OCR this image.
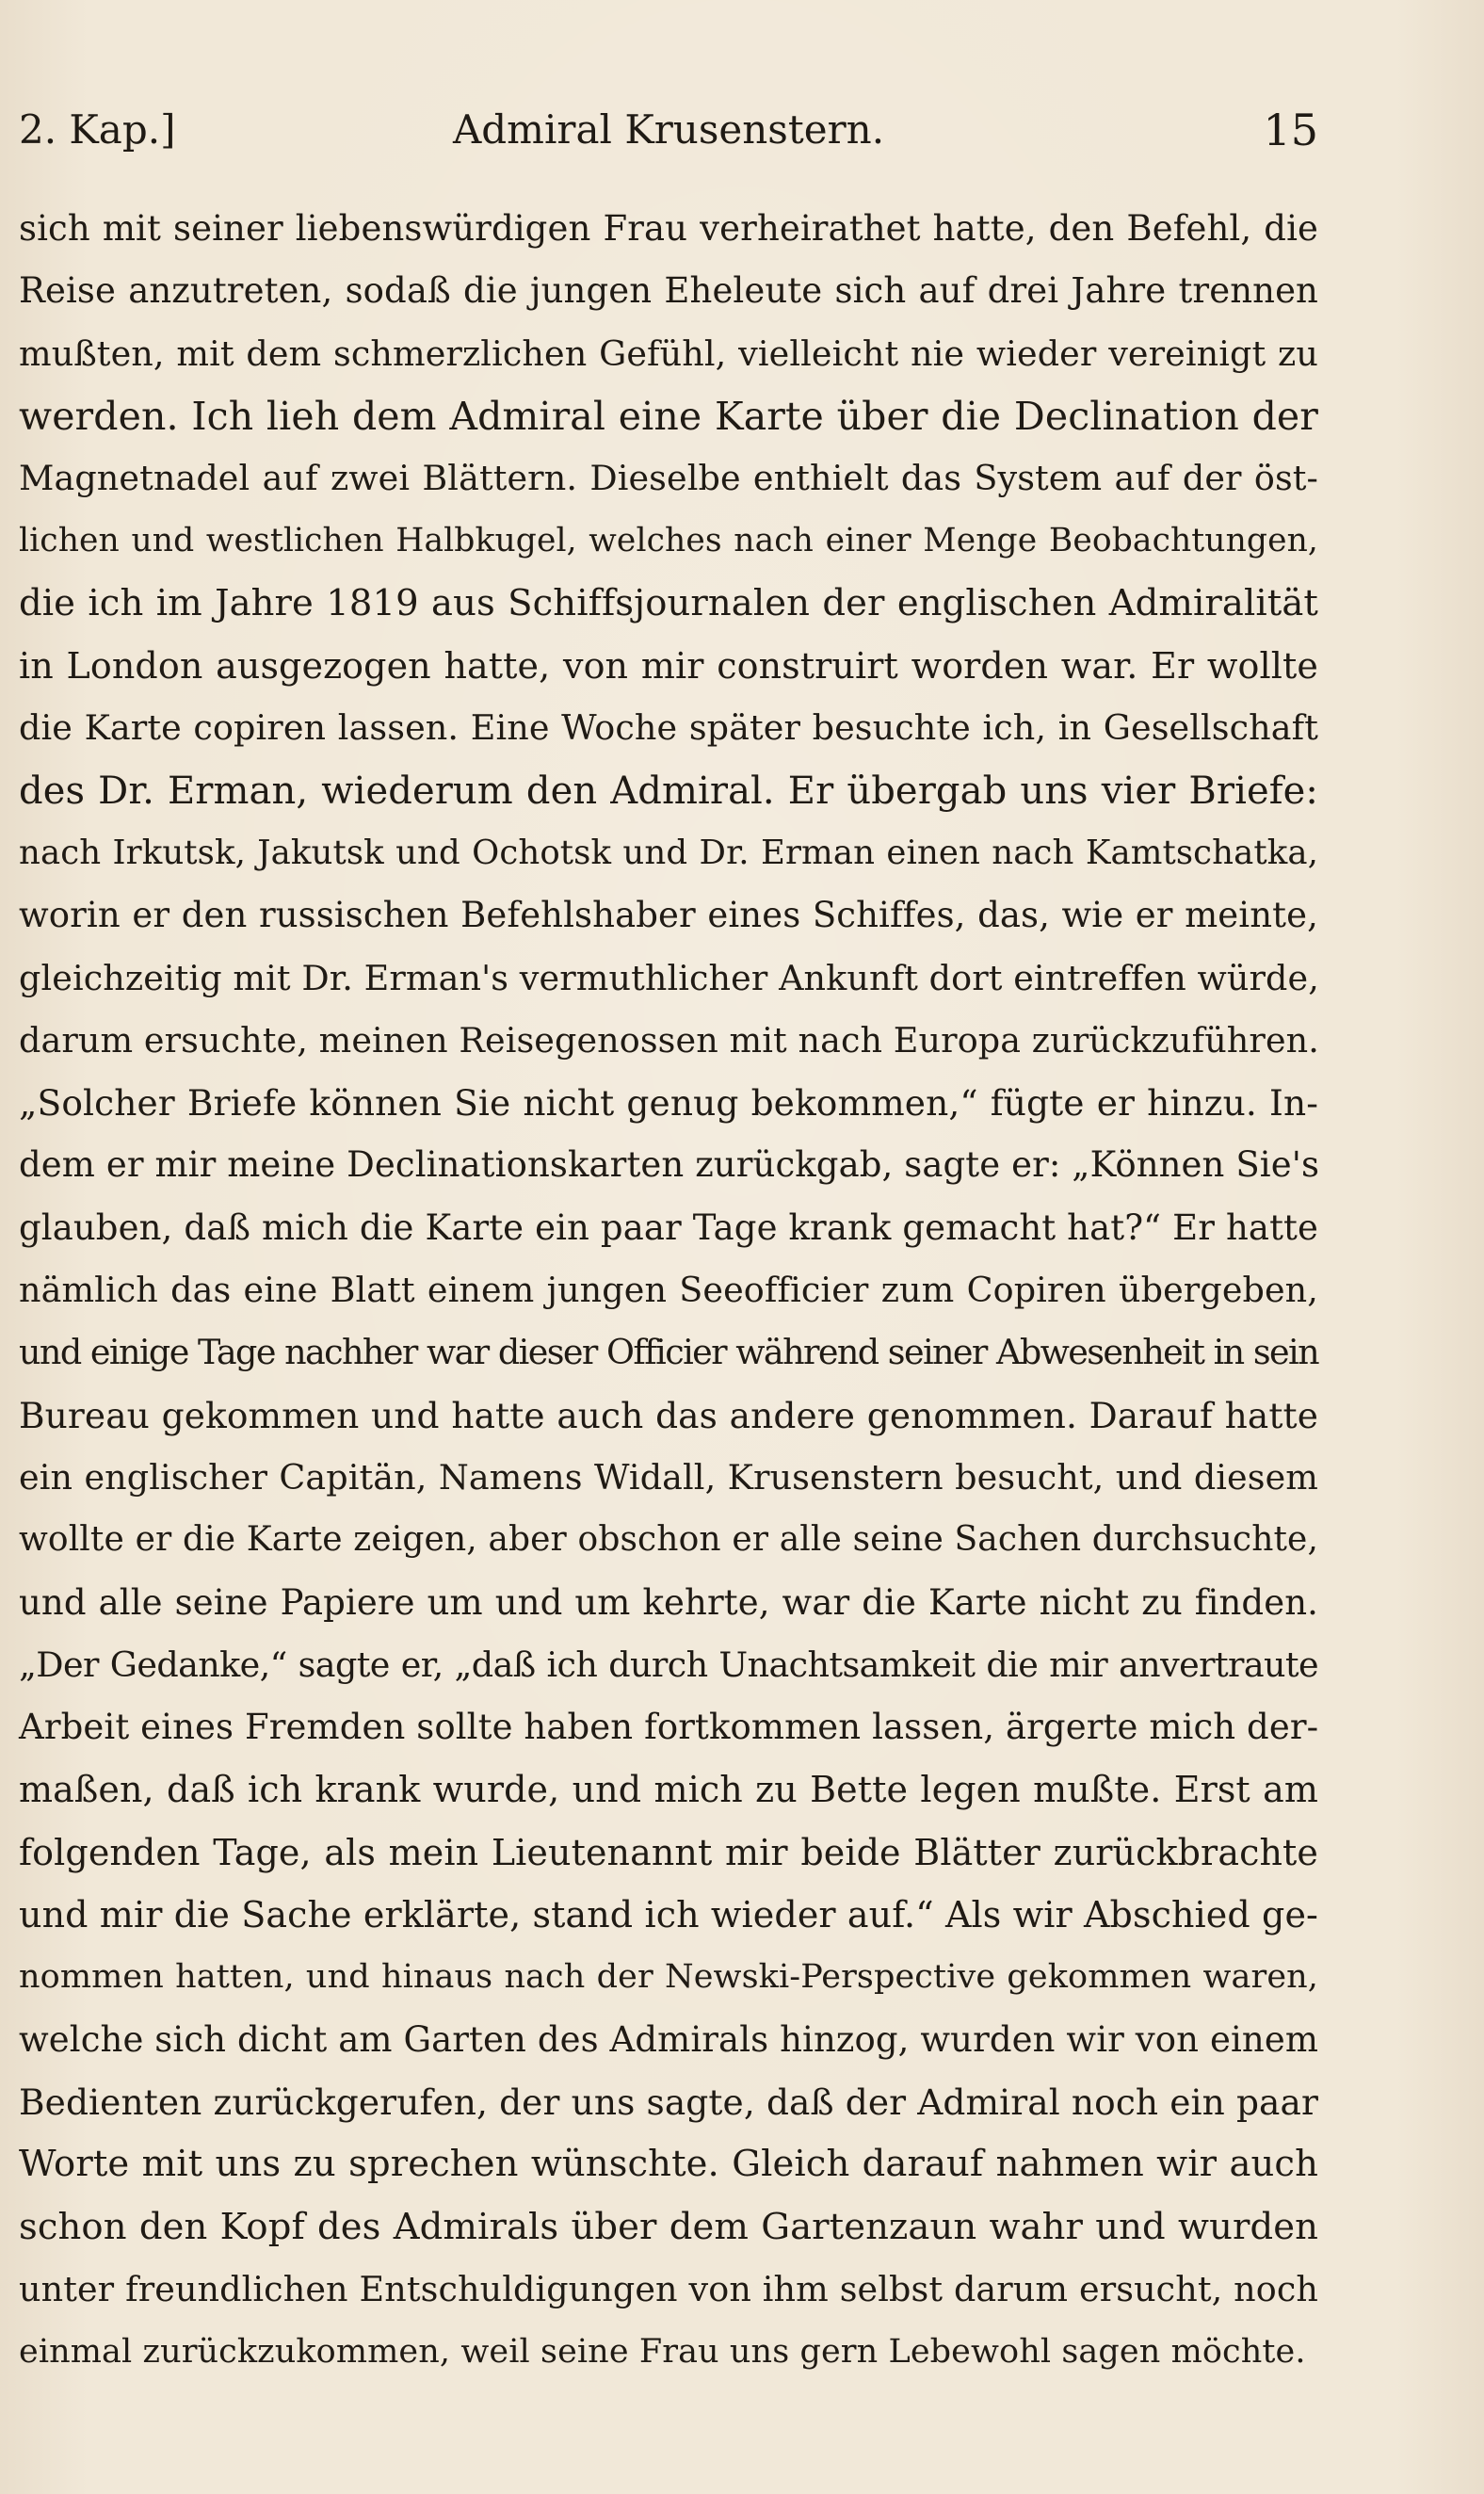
2. Kap.]	Admiral Krusenstern.	15
sich mit seiner liebenswürdigen Frau verheirathet hatte, den Befehl, die
Reise anzutreten, sodaß die jungen Eheleute sich auf drei Jahre trennen
mußten, mit dem schmerzlichen Gefühl, vielleicht nie wieder vereinigt zu
werden. Ich lieh dem Admiral eine Karte über die Declination der
Magnetnadel auf zwei Blättern. Dieselbe enthielt das System auf der öst-
lichen und westlichen Halbkugel, welches nach einer Menge Beobachtungen,
die ich im Jahre 1819 aus Schiffsjournalen der englischen Admiralität
in London ausgezogen hatte, von mir construirt worden war. Er wollte
die Karte copiren lassen. Eine Woche später besuchte ich, in Gesellschaft
des Dr. Erman, wiederum den Admiral. Er übergab uns vier Briefe:
nach Irkutsk, Jakutsk und Ochotsk und Dr. Erman einen nach Kamtschatka,
worin er den russischen Befehlshaber eines Schiffes, das, wie er meinte,
gleichzeitig mit Dr. Erman's vermuthlicher Ankunft dort eintreffen würde,
darum ersuchte, meinen Reisegenossen mit nach Europa zurückzuführen.
„Solcher Briefe können Sie nicht genug bekommen,“ fügte er hinzu. In-
dem er mir meine Declinationskarten zurückgab, sagte er: „Können Sie's
glauben, daß mich die Karte ein paar Tage krank gemacht hat?“ Er hatte
nämlich das eine Blatt einem jungen Seeofficier zum Copiren übergeben,
und einige Tage nachher war dieser Officier während seiner Abwesenheit in sein
Bureau gekommen und hatte auch das andere genommen. Darauf hatte
ein englischer Capitän, Namens Widall, Krusenstern besucht, und diesem
wollte er die Karte zeigen, aber obschon er alle seine Sachen durchsuchte,
und alle seine Papiere um und um kehrte, war die Karte nicht zu finden.
„Der Gedanke,“ sagte er, „daß ich durch Unachtsamkeit die mir anvertraute
Arbeit eines Fremden sollte haben fortkommen lassen, ärgerte mich der-
maßen, daß ich krank wurde, und mich zu Bette legen mußte. Erst am
folgenden Tage, als mein Lieutenannt mir beide Blätter zurückbrachte
und mir die Sache erklärte, stand ich wieder auf.“ Als wir Abschied ge-
nommen hatten, und hinaus nach der Newski-Perspective gekommen waren,
welche sich dicht am Garten des Admirals hinzog, wurden wir von einem
Bedienten zurückgerufen, der uns sagte, daß der Admiral noch ein paar
Worte mit uns zu sprechen wünschte. Gleich darauf nahmen wir auch
schon den Kopf des Admirals über dem Gartenzaun wahr und wurden
unter freundlichen Entschuldigungen von ihm selbst darum ersucht, noch
einmal zurückzukommen, weil seine Frau uns gern Lebewohl sagen möchte.
